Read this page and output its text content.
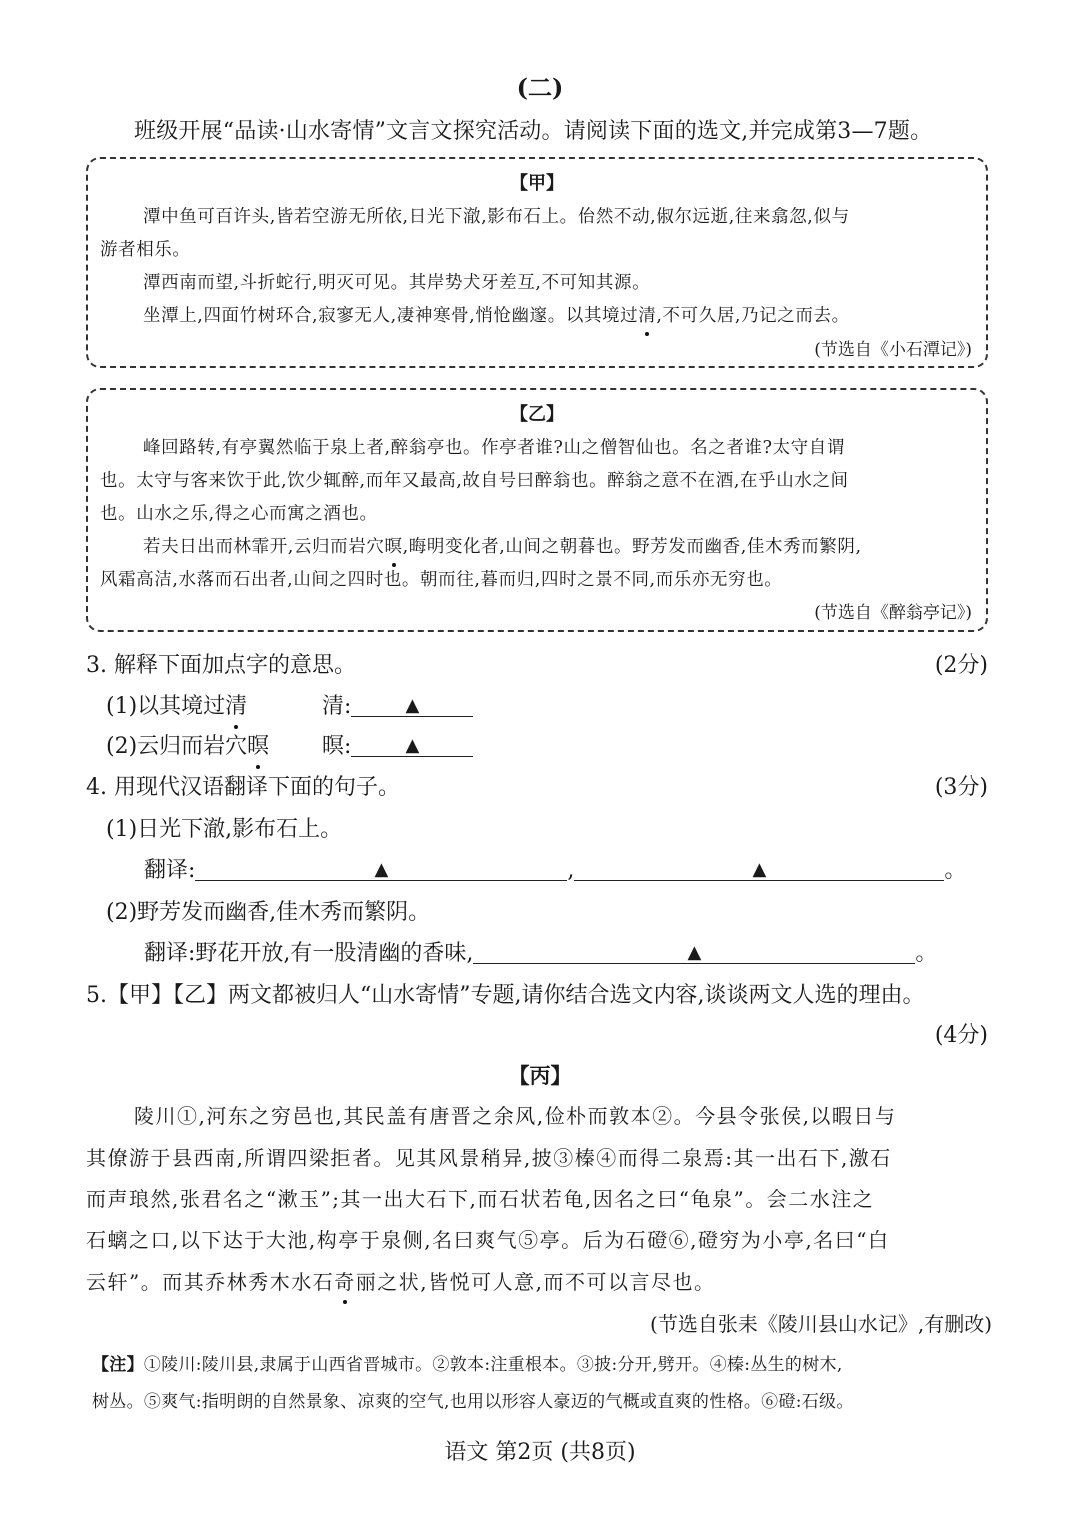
(二)
班级开展“品读·山水寄情”文言文探究活动。请阅读下面的选文,并完成第3—7题。
【甲】
潭中鱼可百许头,皆若空游无所依,日光下澈,影布石上。佁然不动,俶尔远逝,往来翕忽,似与
游者相乐。
潭西南而望,斗折蛇行,明灭可见。其岸势犬牙差互,不可知其源。
坐潭上,四面竹树环合,寂寥无人,凄神寒骨,悄怆幽邃。以其境过清,不可久居,乃记之而去。
(节选自《小石潭记》)
【乙】
峰回路转,有亭翼然临于泉上者,醉翁亭也。作亭者谁?山之僧智仙也。名之者谁?太守自谓
也。太守与客来饮于此,饮少辄醉,而年又最高,故自号曰醉翁也。醉翁之意不在酒,在乎山水之间
也。山水之乐,得之心而寓之酒也。
若夫日出而林霏开,云归而岩穴暝,晦明变化者,山间之朝暮也。野芳发而幽香,佳木秀而繁阴,
风霜高洁,水落而石出者,山间之四时也。朝而往,暮而归,四时之景不同,而乐亦无穷也。
(节选自《醉翁亭记》)
3. 解释下面加点字的意思。	(2分)
(1)以其境过清	清:	▲
(2)云归而岩穴暝 暝:	▲
4. 用现代汉语翻译下面的句子。	(3分)
(1)日光下澈,影布石上。
翻译:	▲	,	▲	。
(2)野芳发而幽香,佳木秀而繁阴。
翻译:野花开放,有一股清幽的香味,	▲	。
5.【甲】【乙】两文都被归人“山水寄情”专题,请你结合选文内容,谈谈两文人选的理由。
(4分)
【丙】
陵川①,河东之穷邑也,其民盖有唐晋之余风,俭朴而敦本②。今县令张侯,以暇日与
其僚游于县西南,所谓四梁拒者。见其风景稍异,披③榛④而得二泉焉:其一出石下,激石
而声琅然,张君名之“漱玉”;其一出大石下,而石状若龟,因名之曰“龟泉”。会二水注之
石螭之口,以下达于大池,构亭于泉侧,名曰爽气⑤亭。后为石磴⑥,磴穷为小亭,名曰“白
云轩”。而其乔林秀木水石奇丽之状,皆悦可人意,而不可以言尽也。
(节选自张耒《陵川县山水记》,有删改)
【注】①陵川:陵川县,隶属于山西省晋城市。②敦本:注重根本。③披:分开,劈开。④榛:丛生的树木,
树丛。⑤爽气:指明朗的自然景象、凉爽的空气,也用以形容人豪迈的气概或直爽的性格。⑥磴:石级。
语文 第2页 (共8页)
